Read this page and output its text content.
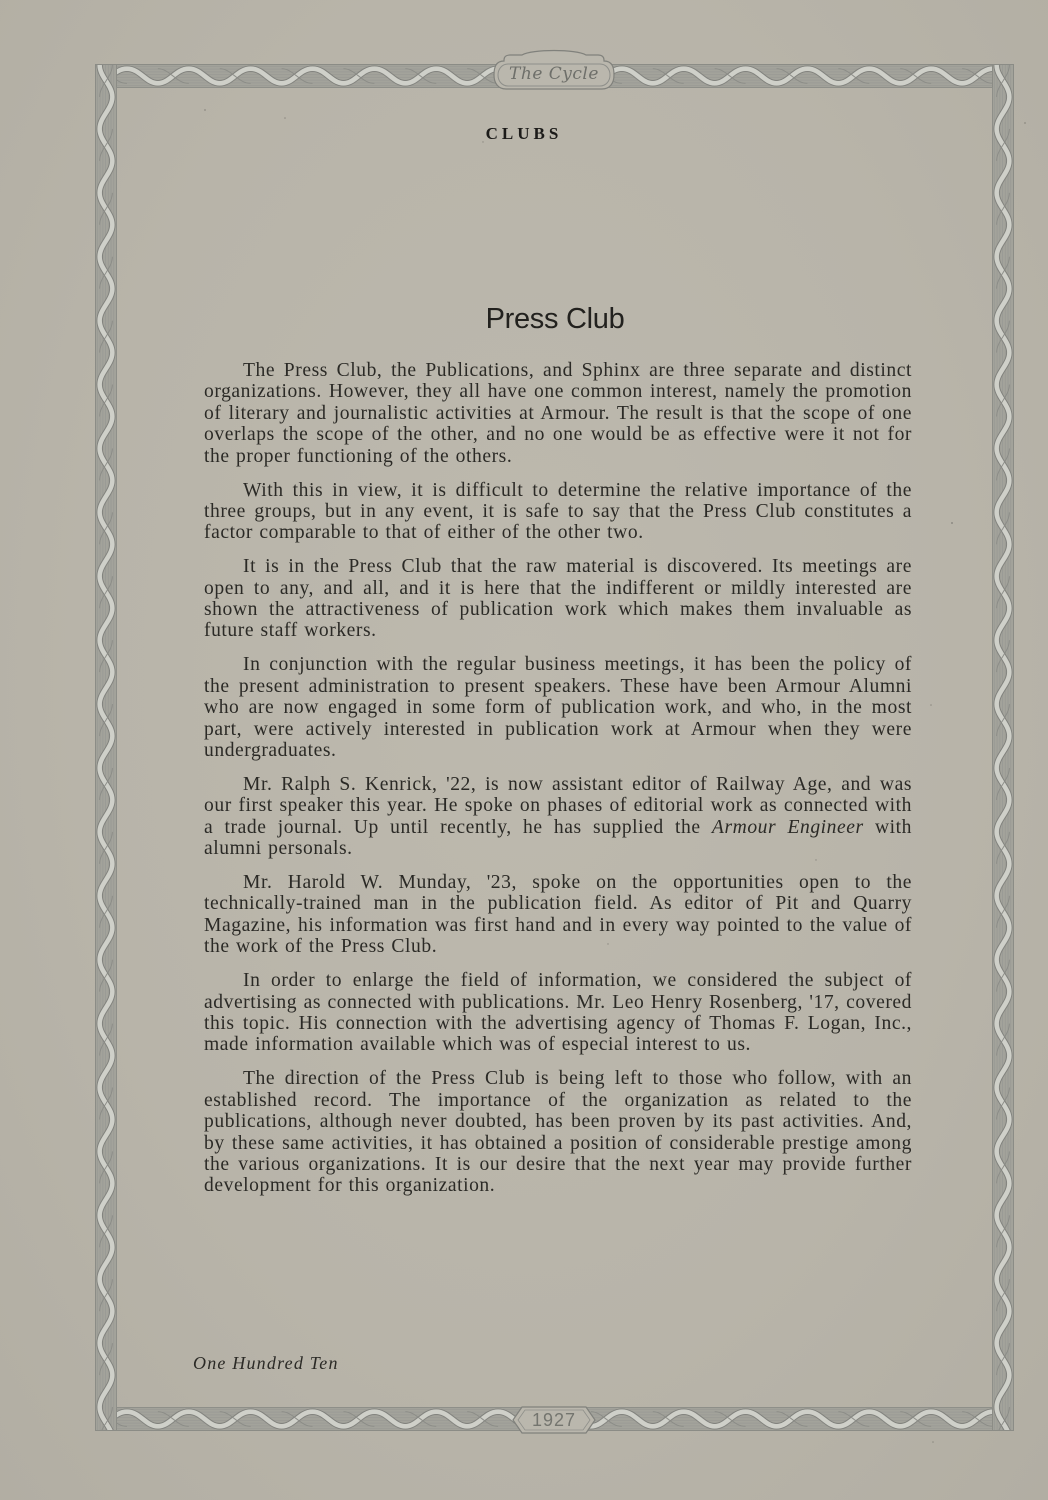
The Cycle
1927
CLUBS
Press Club

The Press Club, the Publications, and Sphinx are three separate and distinct organizations. However, they all have one common interest, namely the promotion of literary and journalistic activities at Armour. The result is that the scope of one overlaps the scope of the other, and no one would be as effective were it not for the proper functioning of the others.

With this in view, it is difficult to determine the relative importance of the three groups, but in any event, it is safe to say that the Press Club constitutes a factor comparable to that of either of the other two.

It is in the Press Club that the raw material is discovered. Its meetings are open to any, and all, and it is here that the indifferent or mildly interested are shown the attractiveness of publication work which makes them invaluable as future staff workers.

In conjunction with the regular business meetings, it has been the policy of the present administration to present speakers. These have been Armour Alumni who are now engaged in some form of publication work, and who, in the most part, were actively interested in publication work at Armour when they were undergraduates.

Mr. Ralph S. Kenrick, '22, is now assistant editor of Railway Age, and was our first speaker this year. He spoke on phases of editorial work as connected with a trade journal. Up until recently, he has supplied the Armour Engineer with alumni personals.

Mr. Harold W. Munday, '23, spoke on the opportunities open to the technically-trained man in the publication field. As editor of Pit and Quarry Magazine, his information was first hand and in every way pointed to the value of the work of the Press Club.

In order to enlarge the field of information, we considered the subject of advertising as connected with publications. Mr. Leo Henry Rosenberg, '17, covered this topic. His connection with the advertising agency of Thomas F. Logan, Inc., made information available which was of especial interest to us.

The direction of the Press Club is being left to those who follow, with an established record. The importance of the organization as related to the publications, although never doubted, has been proven by its past activities. And, by these same activities, it has obtained a position of considerable prestige among the various organizations. It is our desire that the next year may provide further development for this organization.

One Hundred Ten
